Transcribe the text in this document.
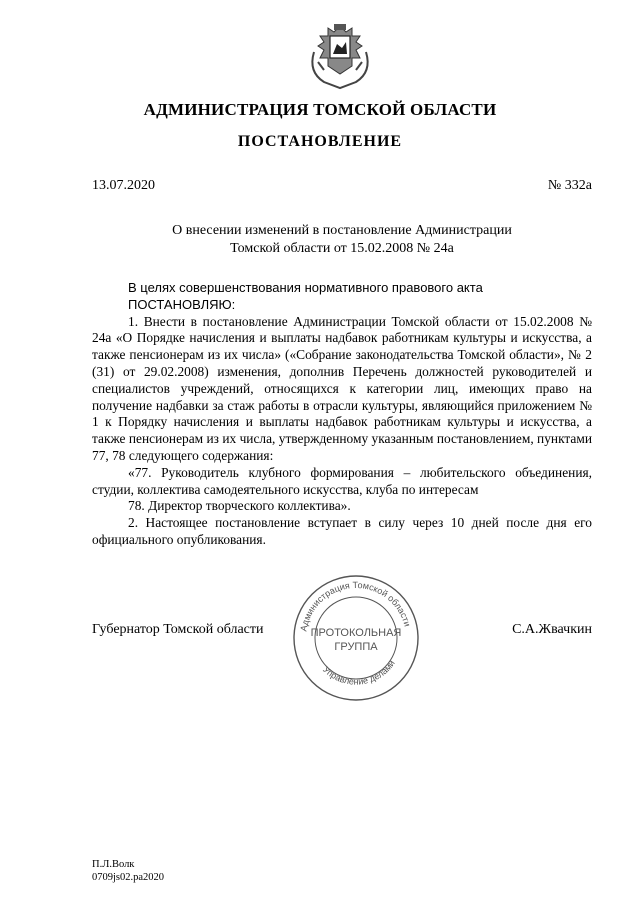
АДМИНИСТРАЦИЯ ТОМСКОЙ ОБЛАСТИ
ПОСТАНОВЛЕНИЕ
13.07.2020	№ 332а
О внесении изменений в постановление Администрации
Томской области от 15.02.2008 № 24а

В целях совершенствования нормативного правового акта

ПОСТАНОВЛЯЮ:

1. Внести в постановление Администрации Томской области от 15.02.2008 № 24а «О Порядке начисления и выплаты надбавок работникам культуры и искусства, а также пенсионерам из их числа» («Собрание законодательства Томской области», № 2 (31) от 29.02.2008) изменения, дополнив Перечень должностей руководителей и специалистов учреждений, относящихся к категории лиц, имеющих право на получение надбавки за стаж работы в отрасли культуры, являющийся приложением № 1 к Порядку начисления и выплаты надбавок работникам культуры и искусства, а также пенсионерам из их числа, утвержденному указанным постановлением, пунктами 77, 78 следующего содержания:

«77. Руководитель клубного формирования – любительского объединения, студии, коллектива самодеятельного искусства, клуба по интересам

78. Директор творческого коллектива».

2. Настоящее постановление вступает в силу через 10 дней после дня его официального опубликования.

Губернатор Томской области	С.А.Жвачкин
Администрация Томской области
Управление делами
ПРОТОКОЛЬНАЯ
ГРУППА
П.Л.Волк
0709js02.pa2020
